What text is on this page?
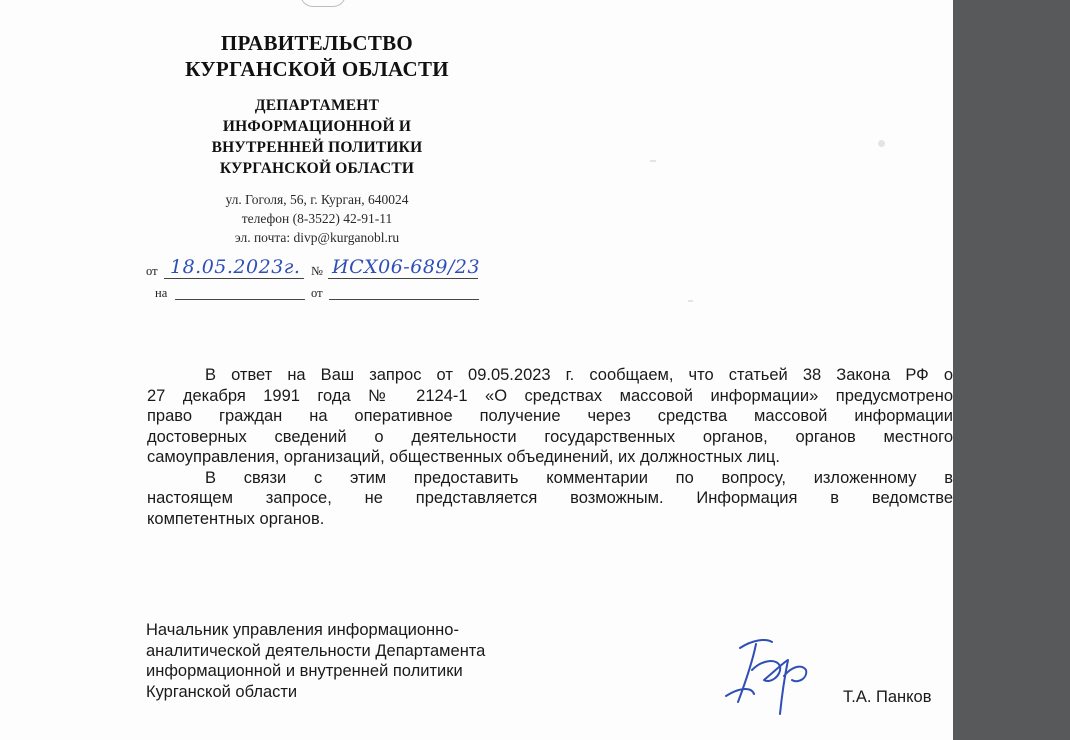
ПРАВИТЕЛЬСТВО
КУРГАНСКОЙ ОБЛАСТИ
ДЕПАРТАМЕНТ
ИНФОРМАЦИОННОЙ И
ВНУТРЕННЕЙ ПОЛИТИКИ
КУРГАНСКОЙ ОБЛАСТИ
ул. Гоголя, 56, г. Курган, 640024
телефон (8-3522) 42-91-11
эл. почта: divp@kurganobl.ru
от 18.05.2023г. № ИСХ06-689/23
на	от
В ответ на Ваш запрос от 09.05.2023 г. сообщаем, что статьей 38 Закона РФ о
27 декабря 1991 года № 2124-1 «О средствах массовой информации» предусмотрено
право граждан на оперативное получение через средства массовой информации
достоверных сведений о деятельности государственных органов, органов местного
самоуправления, организаций, общественных объединений, их должностных лиц.
В связи с этим предоставить комментарии по вопросу, изложенному в
настоящем запросе, не представляется возможным. Информация в ведомстве
компетентных органов.
Начальник управления информационно-
аналитической деятельности Департамента
информационной и внутренней политики
Курганской области	Т.А. Панков
